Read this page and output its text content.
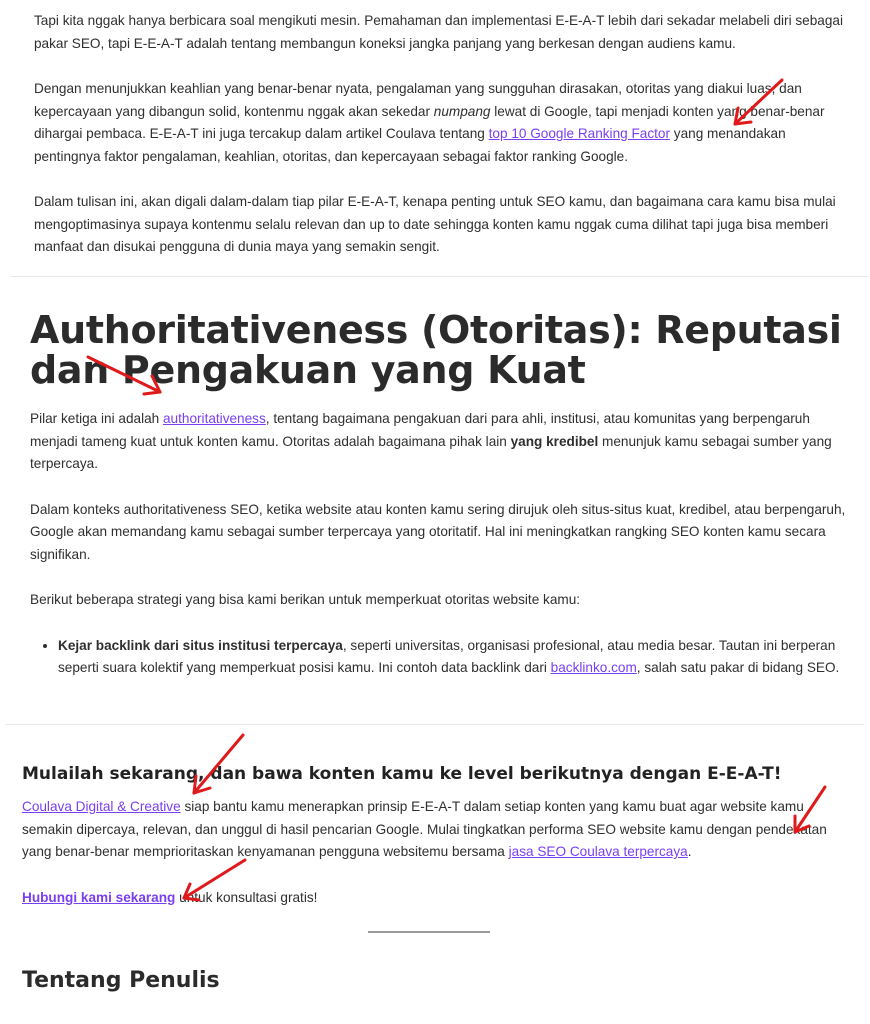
Tapi kita nggak hanya berbicara soal mengikuti mesin. Pemahaman dan implementasi E-E-A-T lebih dari sekadar melabeli diri sebagai pakar SEO, tapi E-E-A-T adalah tentang membangun koneksi jangka panjang yang berkesan dengan audiens kamu.

Dengan menunjukkan keahlian yang benar-benar nyata, pengalaman yang sungguhan dirasakan, otoritas yang diakui luas, dan kepercayaan yang dibangun solid, kontenmu nggak akan sekedar numpang lewat di Google, tapi menjadi konten yang benar-benar dihargai pembaca. E-E-A-T ini juga tercakup dalam artikel Coulava tentang top 10 Google Ranking Factor yang menandakan pentingnya faktor pengalaman, keahlian, otoritas, dan kepercayaan sebagai faktor ranking Google.

Dalam tulisan ini, akan digali dalam-dalam tiap pilar E-E-A-T, kenapa penting untuk SEO kamu, dan bagaimana cara kamu bisa mulai mengoptimasinya supaya kontenmu selalu relevan dan up to date sehingga konten kamu nggak cuma dilihat tapi juga bisa memberi manfaat dan disukai pengguna di dunia maya yang semakin sengit.

Authoritativeness (Otoritas): Reputasi dan Pengakuan yang Kuat

Pilar ketiga ini adalah authoritativeness, tentang bagaimana pengakuan dari para ahli, institusi, atau komunitas yang berpengaruh menjadi tameng kuat untuk konten kamu. Otoritas adalah bagaimana pihak lain yang kredibel menunjuk kamu sebagai sumber yang terpercaya.

Dalam konteks authoritativeness SEO, ketika website atau konten kamu sering dirujuk oleh situs-situs kuat, kredibel, atau berpengaruh, Google akan memandang kamu sebagai sumber terpercaya yang otoritatif. Hal ini meningkatkan rangking SEO konten kamu secara signifikan.

Berikut beberapa strategi yang bisa kami berikan untuk memperkuat otoritas website kamu:

• Kejar backlink dari situs institusi terpercaya, seperti universitas, organisasi profesional, atau media besar. Tautan ini berperan seperti suara kolektif yang memperkuat posisi kamu. Ini contoh data backlink dari backlinko.com, salah satu pakar di bidang SEO.
Mulailah sekarang, dan bawa konten kamu ke level berikutnya dengan E-E-A-T!

Coulava Digital & Creative siap bantu kamu menerapkan prinsip E-E-A-T dalam setiap konten yang kamu buat agar website kamu semakin dipercaya, relevan, dan unggul di hasil pencarian Google. Mulai tingkatkan performa SEO website kamu dengan pendekatan yang benar-benar memprioritaskan kenyamanan pengguna websitemu bersama jasa SEO Coulava terpercaya.

Hubungi kami sekarang untuk konsultasi gratis!

Tentang Penulis
